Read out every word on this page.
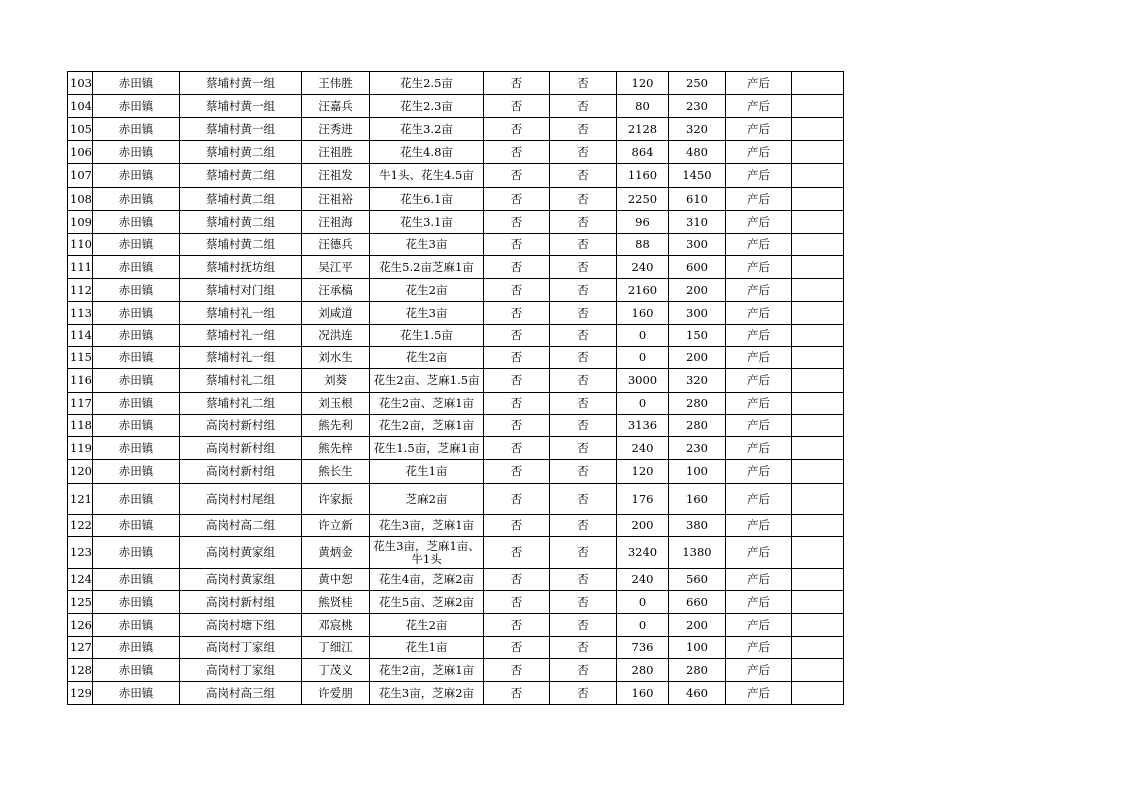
103	赤田镇	蔡埔村黄一组	王伟胜	花生2.5亩	否	否	120	250	产后	
104	赤田镇	蔡埔村黄一组	汪嘉兵	花生2.3亩	否	否	80	230	产后	
105	赤田镇	蔡埔村黄一组	汪秀进	花生3.2亩	否	否	2128	320	产后	
106	赤田镇	蔡埔村黄二组	汪祖胜	花生4.8亩	否	否	864	480	产后	
107	赤田镇	蔡埔村黄二组	汪祖发	牛1头、花生4.5亩	否	否	1160	1450	产后	
108	赤田镇	蔡埔村黄二组	汪祖裕	花生6.1亩	否	否	2250	610	产后	
109	赤田镇	蔡埔村黄二组	汪祖海	花生3.1亩	否	否	96	310	产后	
110	赤田镇	蔡埔村黄二组	汪德兵	花生3亩	否	否	88	300	产后	
111	赤田镇	蔡埔村抚坊组	吴江平	花生5.2亩芝麻1亩	否	否	240	600	产后	
112	赤田镇	蔡埔村对门组	汪承槁	花生2亩	否	否	2160	200	产后	
113	赤田镇	蔡埔村礼一组	刘咸道	花生3亩	否	否	160	300	产后	
114	赤田镇	蔡埔村礼一组	况洪连	花生1.5亩	否	否	0	150	产后	
115	赤田镇	蔡埔村礼一组	刘水生	花生2亩	否	否	0	200	产后	
116	赤田镇	蔡埔村礼二组	刘葵	花生2亩、芝麻1.5亩	否	否	3000	320	产后	
117	赤田镇	蔡埔村礼二组	刘玉根	花生2亩、芝麻1亩	否	否	0	280	产后	
118	赤田镇	高岗村新村组	熊先利	花生2亩，芝麻1亩	否	否	3136	280	产后	
119	赤田镇	高岗村新村组	熊先梓	花生1.5亩，芝麻1亩	否	否	240	230	产后	
120	赤田镇	高岗村新村组	熊长生	花生1亩	否	否	120	100	产后	
121	赤田镇	高岗村村尾组	许家振	芝麻2亩	否	否	176	160	产后	
122	赤田镇	高岗村高二组	许立新	花生3亩，芝麻1亩	否	否	200	380	产后	
123	赤田镇	高岗村黄家组	黄炳金	花生3亩，芝麻1亩、牛1头	否	否	3240	1380	产后	
124	赤田镇	高岗村黄家组	黄中恕	花生4亩，芝麻2亩	否	否	240	560	产后	
125	赤田镇	高岗村新村组	熊贤桂	花生5亩、芝麻2亩	否	否	0	660	产后	
126	赤田镇	高岗村塘下组	邓宸桃	花生2亩	否	否	0	200	产后	
127	赤田镇	高岗村丁家组	丁细江	花生1亩	否	否	736	100	产后	
128	赤田镇	高岗村丁家组	丁茂义	花生2亩，芝麻1亩	否	否	280	280	产后	
129	赤田镇	高岗村高三组	许爱朋	花生3亩，芝麻2亩	否	否	160	460	产后	
